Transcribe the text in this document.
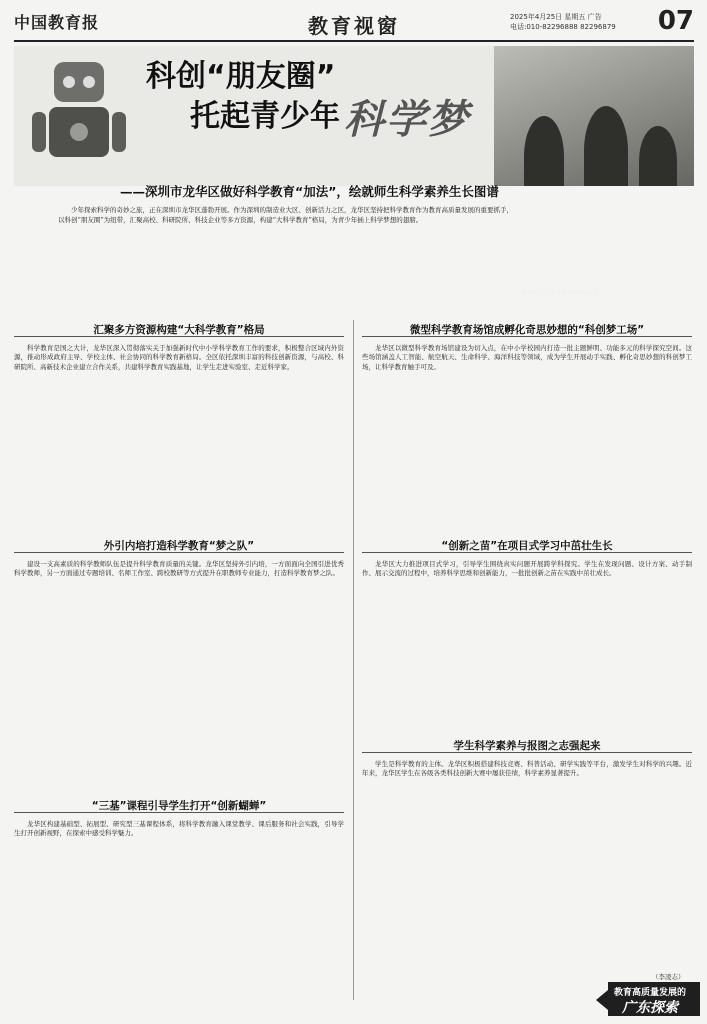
中国教育报	教育视窗	2025年4月25日 星期五 广告
电话:010-82296888 82296879 07
科创“朋友圈”
托起青少年 科学梦
——深圳市龙华区做好科学教育“加法”，绘就师生科学素养生长图谱
龙华区学生参加科学教育活动
少年探索科学的奇妙之旅，正在深圳市龙华区蓬勃开展。作为深圳的制造业大区、创新活力之区，龙华区坚持把科学教育作为教育高质量发展的重要抓手，以科创“朋友圈”为纽带，汇聚高校、科研院所、科技企业等多方资源，构建“大科学教育”格局，为青少年插上科学梦想的翅膀。
汇聚多方资源构建“大科学教育”格局

科学教育是国之大计，龙华区深入贯彻落实关于加强新时代中小学科学教育工作的要求，积极整合区域内外资源，推动形成政府主导、学校主体、社会协同的科学教育新格局。全区依托深圳丰富的科技创新资源，与高校、科研院所、高新技术企业建立合作关系，共建科学教育实践基地，让学生走进实验室、走近科学家。

微型科学教育场馆成孵化奇思妙想的“科创梦工场”

龙华区以微型科学教育场馆建设为切入点，在中小学校园内打造一批主题鲜明、功能多元的科学探究空间。这些场馆涵盖人工智能、航空航天、生命科学、海洋科技等领域，成为学生开展动手实践、孵化奇思妙想的科创梦工场，让科学教育触手可及。

外引内培打造科学教育“梦之队”

建设一支高素质的科学教师队伍是提升科学教育质量的关键。龙华区坚持外引内培，一方面面向全国引进优秀科学教师，另一方面通过专题培训、名师工作室、跨校教研等方式提升在职教师专业能力，打造科学教育梦之队。

“创新之苗”在项目式学习中茁壮生长

龙华区大力推进项目式学习，引导学生围绕真实问题开展跨学科探究。学生在发现问题、设计方案、动手制作、展示交流的过程中，培养科学思维和创新能力，一批批创新之苗在实践中茁壮成长。

学生科学素养与报图之志强起来

学生是科学教育的主体。龙华区积极搭建科技竞赛、科普活动、研学实践等平台，激发学生对科学的兴趣。近年来，龙华区学生在各级各类科技创新大赛中屡获佳绩，科学素养显著提升。

“三基”课程引导学生打开“创新蝴蝉”

龙华区构建基础型、拓展型、研究型三基课程体系，将科学教育融入课堂教学、课后服务和社会实践，引导学生打开创新视野，在探索中感受科学魅力。

（李凌志）
教育高质量发展的
广东探索
